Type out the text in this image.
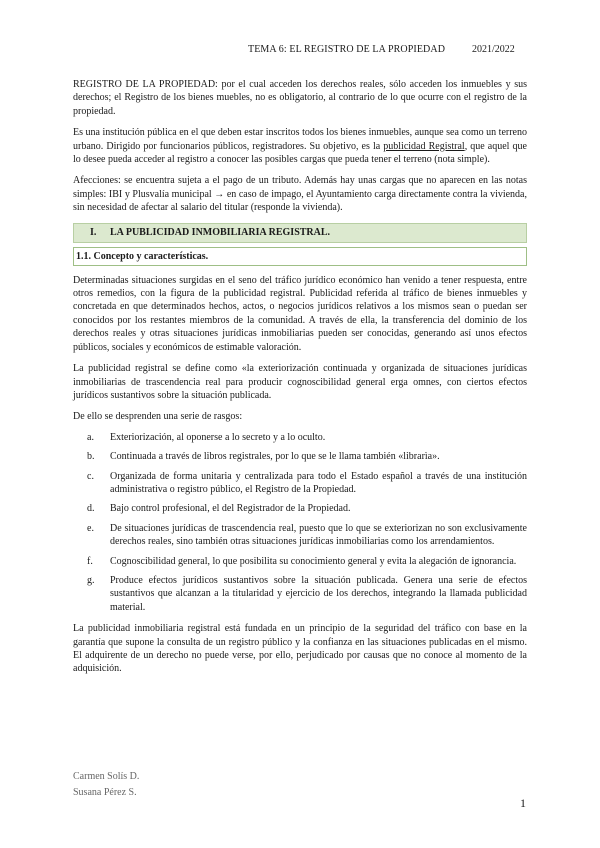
TEMA 6: EL REGISTRO DE LA PROPIEDAD	2021/2022

REGISTRO DE LA PROPIEDAD: por el cual acceden los derechos reales, sólo acceden los inmuebles y sus derechos; el Registro de los bienes muebles, no es obligatorio, al contrario de lo que ocurre con el registro de la propiedad.

Es una institución pública en el que deben estar inscritos todos los bienes inmuebles, aunque sea como un terreno urbano. Dirigido por funcionarios públicos, registradores. Su objetivo, es la publicidad Registral, que aquel que lo desee pueda acceder al registro a conocer las posibles cargas que pueda tener el terreno (nota simple).

Afecciones: se encuentra sujeta a el pago de un tributo. Además hay unas cargas que no aparecen en las notas simples: IBI y Plusvalía municipal → en caso de impago, el Ayuntamiento carga directamente contra la vivienda, sin necesidad de afectar al salario del titular (responde la vivienda).

I. LA PUBLICIDAD INMOBILIARIA REGISTRAL.
1.1. Concepto y características.

Determinadas situaciones surgidas en el seno del tráfico jurídico económico han venido a tener respuesta, entre otros remedios, con la figura de la publicidad registral. Publicidad referida al tráfico de bienes inmuebles y concretada en que determinados hechos, actos, o negocios jurídicos relativos a los mismos sean o puedan ser conocidos por los restantes miembros de la comunidad. A través de ella, la transferencia del dominio de los derechos reales y otras situaciones jurídicas inmobiliarias pueden ser conocidas, generando así unos efectos públicos, sociales y económicos de estimable valoración.

La publicidad registral se define como «la exteriorización continuada y organizada de situaciones jurídicas inmobiliarias de trascendencia real para producir cognoscibilidad general erga omnes, con ciertos efectos jurídicos sustantivos sobre la situación publicada.

De ello se desprenden una serie de rasgos:

a.	Exteriorización, al oponerse a lo secreto y a lo oculto.
b.	Continuada a través de libros registrales, por lo que se le llama también «librarìa».
c.	Organizada de forma unitaria y centralizada para todo el Estado español a través de una institución administrativa o registro público, el Registro de la Propiedad.
d.	Bajo control profesional, el del Registrador de la Propiedad.
e.	De situaciones jurídicas de trascendencia real, puesto que lo que se exteriorizan no son exclusivamente derechos reales, sino también otras situaciones jurídicas inmobiliarias como los arrendamientos.
f.	Cognoscibilidad general, lo que posibilita su conocimiento general y evita la alegación de ignorancia.
g.	Produce efectos jurídicos sustantivos sobre la situación publicada. Genera una serie de efectos sustantivos que alcanzan a la titularidad y ejercicio de los derechos, integrando la llamada publicidad material.

La publicidad inmobiliaria registral está fundada en un principio de la seguridad del tráfico con base en la garantía que supone la consulta de un registro público y la confianza en las situaciones publicadas en el mismo. El adquirente de un derecho no puede verse, por ello, perjudicado por causas que no conoce al momento de la adquisición.

Carmen Solís D.
Susana Pérez S.
1
